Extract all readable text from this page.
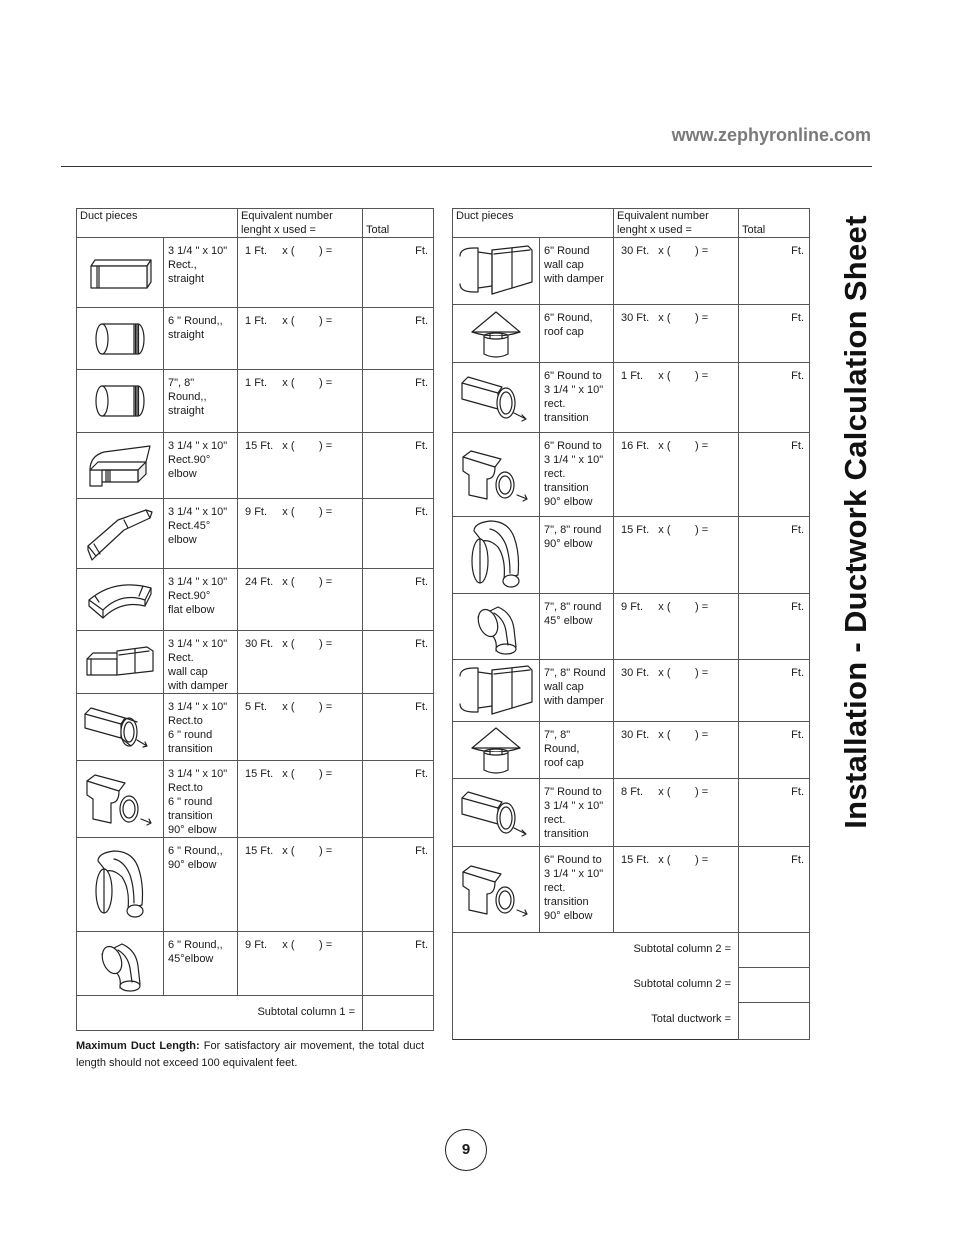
www.zephyronline.com
Installation - Ductwork Calculation Sheet
Duct pieces		Equivalent number
lenght x used =	Total

	3 1/4 " x 10"
Rect.,
straight	1 Ft.     x (        ) =	Ft.

	6 " Round,,
straight	1 Ft.     x (        ) =	Ft.

	7", 8"
Round,,
straight	1 Ft.     x (        ) =	Ft.

	3 1/4 " x 10"
Rect.90°
elbow	15 Ft.   x (        ) =	Ft.

	3 1/4 " x 10"
Rect.45°
elbow	9 Ft.     x (        ) =	Ft.

	3 1/4 " x 10"
Rect.90°
flat elbow	24 Ft.   x (        ) =	Ft.

	3 1/4 " x 10"
Rect.
wall cap
with damper	30 Ft.   x (        ) =	Ft.

	3 1/4 " x 10"
Rect.to
6 " round
transition	5 Ft.     x (        ) =	Ft.

	3 1/4 " x 10"
Rect.to
6 " round
transition
90° elbow	15 Ft.   x (        ) =	Ft.

	6 " Round,,
90° elbow	15 Ft.   x (        ) =	Ft.

	6 " Round,,
45°elbow	9 Ft.     x (        ) =	Ft.
Subtotal column 1 =			
Duct pieces		Equivalent number
lenght x used =	Total

	6" Round
wall cap
with damper	30 Ft.   x (        ) =	Ft.

	6" Round,
roof cap	30 Ft.   x (        ) =	Ft.

	6" Round to
3 1/4 " x 10"
rect.
transition	1 Ft.     x (        ) =	Ft.

	6" Round to
3 1/4 " x 10"
rect.
transition
90° elbow	16 Ft.   x (        ) =	Ft.

	7", 8" round
90° elbow	15 Ft.   x (        ) =	Ft.

	7", 8" round
45° elbow	9 Ft.     x (        ) =	Ft.

	7", 8" Round
wall cap
with damper	30 Ft.   x (        ) =	Ft.

	7", 8"
Round,
roof cap	30 Ft.   x (        ) =	Ft.

	7" Round to
3 1/4 " x 10"
rect.
transition	8 Ft.     x (        ) =	Ft.

	6" Round to
3 1/4 " x 10"
rect.
transition
90° elbow	15 Ft.   x (        ) =	Ft.
Subtotal column 2 =			
Subtotal column 2 =			
Total ductwork =			
Maximum Duct Length: For satisfactory air movement, the total duct length should not exceed 100 equivalent feet.
9
